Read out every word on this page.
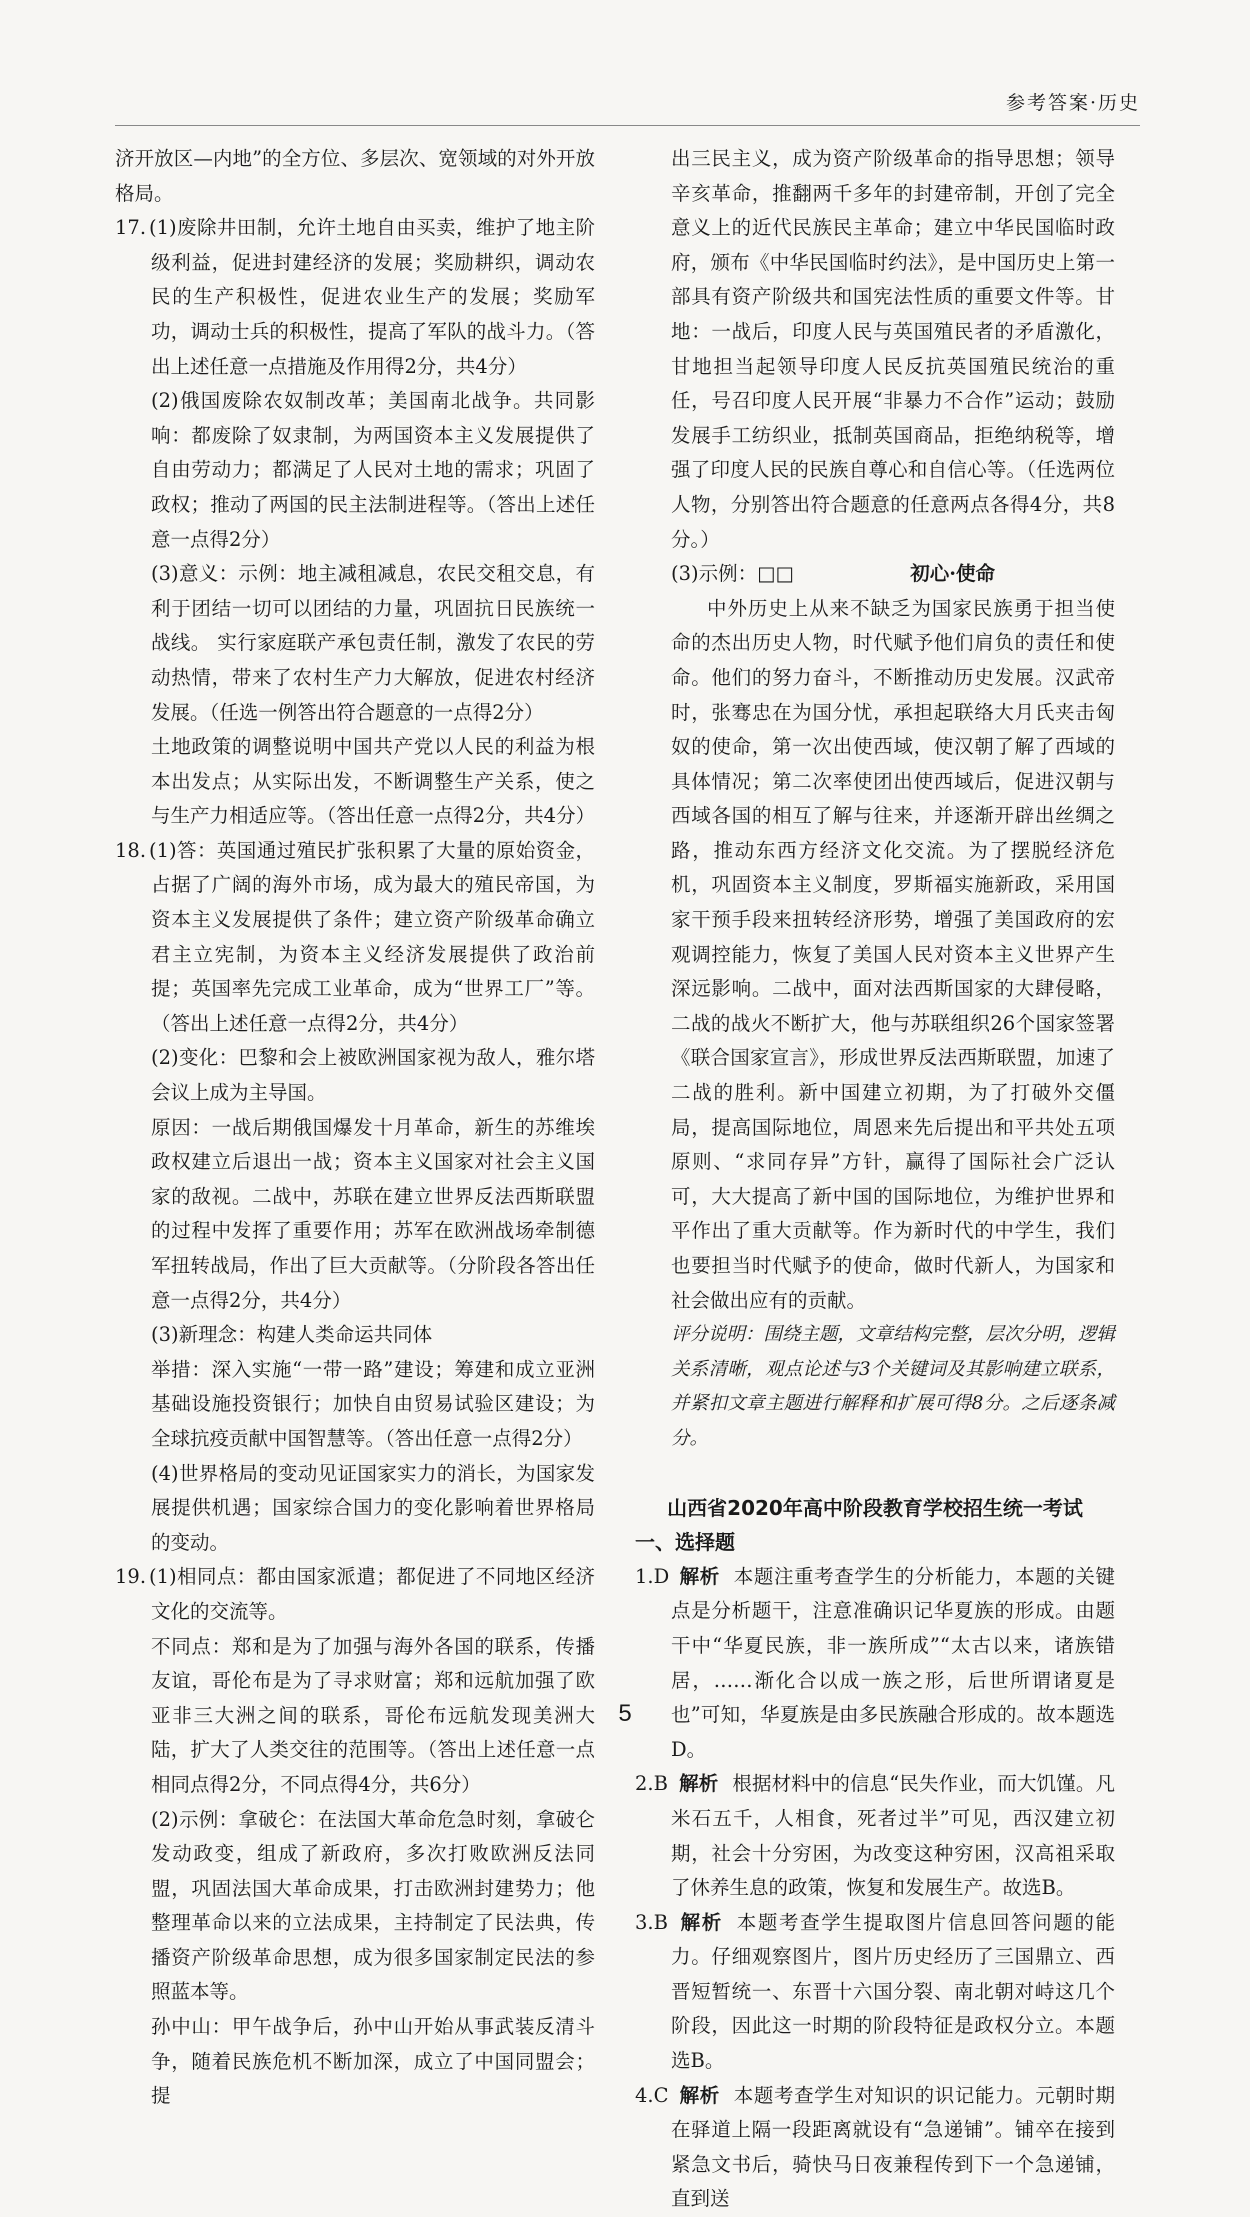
参考答案·历史

济开放区—内地”的全方位、多层次、宽领域的对外开放格局。

17. (1)废除井田制，允许土地自由买卖，维护了地主阶级利益，促进封建经济的发展；奖励耕织，调动农民的生产积极性，促进农业生产的发展；奖励军功，调动士兵的积极性，提高了军队的战斗力。（答出上述任意一点措施及作用得2分，共4分）

(2)俄国废除农奴制改革；美国南北战争。共同影响：都废除了奴隶制，为两国资本主义发展提供了自由劳动力；都满足了人民对土地的需求；巩固了政权；推动了两国的民主法制进程等。（答出上述任意一点得2分）

(3)意义：示例：地主减租减息，农民交租交息，有利于团结一切可以团结的力量，巩固抗日民族统一战线。 实行家庭联产承包责任制，激发了农民的劳动热情，带来了农村生产力大解放，促进农村经济发展。（任选一例答出符合题意的一点得2分）

土地政策的调整说明中国共产党以人民的利益为根本出发点；从实际出发，不断调整生产关系，使之与生产力相适应等。（答出任意一点得2分，共4分）

18. (1)答：英国通过殖民扩张积累了大量的原始资金，占据了广阔的海外市场，成为最大的殖民帝国，为资本主义发展提供了条件；建立资产阶级革命确立君主立宪制，为资本主义经济发展提供了政治前提；英国率先完成工业革命，成为“世界工厂”等。（答出上述任意一点得2分，共4分）

(2)变化：巴黎和会上被欧洲国家视为敌人，雅尔塔会议上成为主导国。

原因：一战后期俄国爆发十月革命，新生的苏维埃政权建立后退出一战；资本主义国家对社会主义国家的敌视。二战中，苏联在建立世界反法西斯联盟的过程中发挥了重要作用；苏军在欧洲战场牵制德军扭转战局，作出了巨大贡献等。（分阶段各答出任意一点得2分，共4分）

(3)新理念：构建人类命运共同体

举措：深入实施“一带一路”建设；筹建和成立亚洲基础设施投资银行；加快自由贸易试验区建设；为全球抗疫贡献中国智慧等。（答出任意一点得2分）

(4)世界格局的变动见证国家实力的消长，为国家发展提供机遇；国家综合国力的变化影响着世界格局的变动。

19. (1)相同点：都由国家派遣；都促进了不同地区经济文化的交流等。

不同点：郑和是为了加强与海外各国的联系，传播友谊，哥伦布是为了寻求财富；郑和远航加强了欧亚非三大洲之间的联系，哥伦布远航发现美洲大陆，扩大了人类交往的范围等。（答出上述任意一点相同点得2分，不同点得4分，共6分）

(2)示例：拿破仑：在法国大革命危急时刻，拿破仑发动政变，组成了新政府，多次打败欧洲反法同盟，巩固法国大革命成果，打击欧洲封建势力；他整理革命以来的立法成果，主持制定了民法典，传播资产阶级革命思想，成为很多国家制定民法的参照蓝本等。

孙中山：甲午战争后，孙中山开始从事武装反清斗争，随着民族危机不断加深，成立了中国同盟会；提

出三民主义，成为资产阶级革命的指导思想；领导辛亥革命，推翻两千多年的封建帝制，开创了完全意义上的近代民族民主革命；建立中华民国临时政府，颁布《中华民国临时约法》，是中国历史上第一部具有资产阶级共和国宪法性质的重要文件等。甘地：一战后，印度人民与英国殖民者的矛盾激化，甘地担当起领导印度人民反抗英国殖民统治的重任，号召印度人民开展“非暴力不合作”运动；鼓励发展手工纺织业，抵制英国商品，拒绝纳税等，增强了印度人民的民族自尊心和自信心等。（任选两位人物，分别答出符合题意的任意两点各得4分，共8分。）

(3)示例：□□	初心·使命

中外历史上从来不缺乏为国家民族勇于担当使命的杰出历史人物，时代赋予他们肩负的责任和使命。他们的努力奋斗，不断推动历史发展。汉武帝时，张骞忠在为国分忧，承担起联络大月氏夹击匈奴的使命，第一次出使西域，使汉朝了解了西域的具体情况；第二次率使团出使西域后，促进汉朝与西域各国的相互了解与往来，并逐渐开辟出丝绸之路，推动东西方经济文化交流。为了摆脱经济危机，巩固资本主义制度，罗斯福实施新政，采用国家干预手段来扭转经济形势，增强了美国政府的宏观调控能力，恢复了美国人民对资本主义世界产生深远影响。二战中，面对法西斯国家的大肆侵略，二战的战火不断扩大，他与苏联组织26个国家签署《联合国家宣言》，形成世界反法西斯联盟，加速了二战的胜利。新中国建立初期，为了打破外交僵局，提高国际地位，周恩来先后提出和平共处五项原则、“求同存异”方针，赢得了国际社会广泛认可，大大提高了新中国的国际地位，为维护世界和平作出了重大贡献等。作为新时代的中学生，我们也要担当时代赋予的使命，做时代新人，为国家和社会做出应有的贡献。

评分说明：围绕主题，文章结构完整，层次分明，逻辑关系清晰，观点论述与3个关键词及其影响建立联系，并紧扣文章主题进行解释和扩展可得8分。之后逐条减分。

山西省2020年高中阶段教育学校招生统一考试

一、选择题

1.D 解析 本题注重考查学生的分析能力，本题的关键点是分析题干，注意准确识记华夏族的形成。由题干中“华夏民族，非一族所成”“太古以来，诸族错居，……渐化合以成一族之形，后世所谓诸夏是也”可知，华夏族是由多民族融合形成的。故本题选D。

2.B 解析 根据材料中的信息“民失作业，而大饥馑。凡米石五千，人相食，死者过半”可见，西汉建立初期，社会十分穷困，为改变这种穷困，汉高祖采取了休养生息的政策，恢复和发展生产。故选B。

3.B 解析 本题考查学生提取图片信息回答问题的能力。仔细观察图片，图片历史经历了三国鼎立、西晋短暂统一、东晋十六国分裂、南北朝对峙这几个阶段，因此这一时期的阶段特征是政权分立。本题选B。

4.C 解析 本题考查学生对知识的识记能力。元朝时期在驿道上隔一段距离就设有“急递铺”。铺卒在接到紧急文书后，骑快马日夜兼程传到下一个急递铺，直到送

5
